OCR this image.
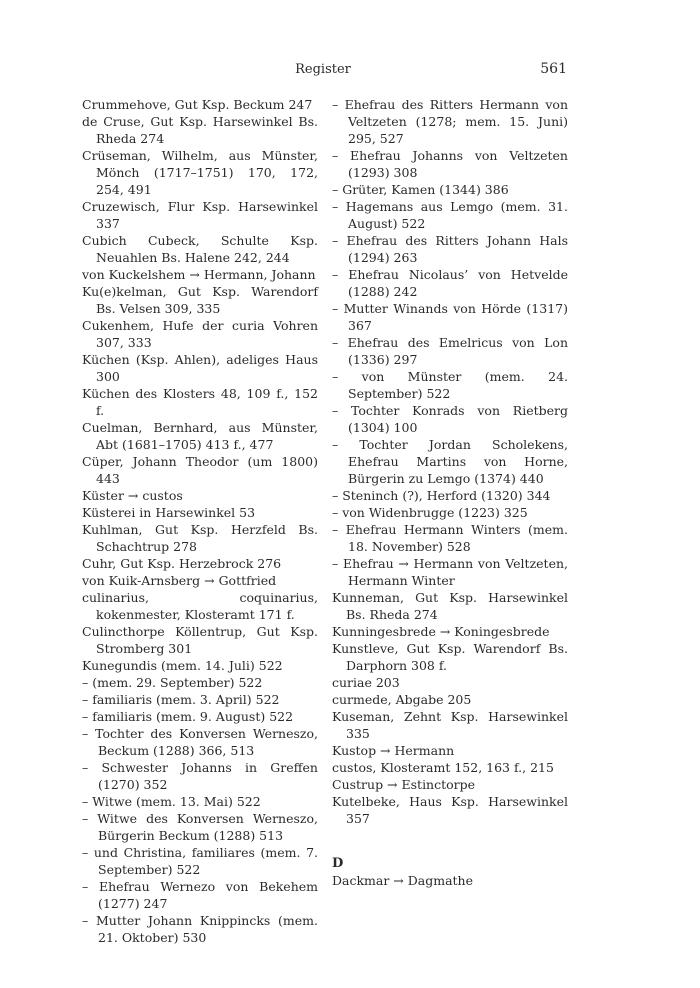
Register	561
Crummehove, Gut Ksp. Beckum 247
de Cruse, Gut Ksp. Harsewinkel Bs. Rheda 274
Crüseman, Wilhelm, aus Münster, Mönch (1717–1751) 170, 172, 254, 491
Cruzewisch, Flur Ksp. Harsewinkel 337
Cubich Cubeck, Schulte Ksp. Neuahlen Bs. Halene 242, 244
von Kuckelshem → Hermann, Johann
Ku(e)kelman, Gut Ksp. Warendorf Bs. Velsen 309, 335
Cukenhem, Hufe der curia Vohren 307, 333
Küchen (Ksp. Ahlen), adeliges Haus 300
Küchen des Klosters 48, 109 f., 152 f.
Cuelman, Bernhard, aus Münster, Abt (1681–1705) 413 f., 477
Cüper, Johann Theodor (um 1800) 443
Küster → custos
Küsterei in Harsewinkel 53
Kuhlman, Gut Ksp. Herzfeld Bs. Schachtrup 278
Cuhr, Gut Ksp. Herzebrock 276
von Kuik-Arnsberg → Gottfried
culinarius, coquinarius, kokenmester, Klosteramt 171 f.
Culincthorpe Köllentrup, Gut Ksp. Stromberg 301
Kunegundis (mem. 14. Juli) 522
– (mem. 29. September) 522
– familiaris (mem. 3. April) 522
– familiaris (mem. 9. August) 522
– Tochter des Konversen Werneszo, Beckum (1288) 366, 513
– Schwester Johanns in Greffen (1270) 352
– Witwe (mem. 13. Mai) 522
– Witwe des Konversen Werneszo, Bürgerin Beckum (1288) 513
– und Christina, familiares (mem. 7. September) 522
– Ehefrau Wernezo von Bekehem (1277) 247
– Mutter Johann Knippincks (mem. 21. Oktober) 530
– Ehefrau des Ritters Hermann von Veltzeten (1278; mem. 15. Juni) 295, 527
– Ehefrau Johanns von Veltzeten (1293) 308
– Grüter, Kamen (1344) 386
– Hagemans aus Lemgo (mem. 31. August) 522
– Ehefrau des Ritters Johann Hals (1294) 263
– Ehefrau Nicolaus’ von Hetvelde (1288) 242
– Mutter Winands von Hörde (1317) 367
– Ehefrau des Emelricus von Lon (1336) 297
– von Münster (mem. 24. September) 522
– Tochter Konrads von Rietberg (1304) 100
– Tochter Jordan Scholekens, Ehefrau Martins von Horne, Bürgerin zu Lemgo (1374) 440
– Steninch (?), Herford (1320) 344
– von Widenbrugge (1223) 325
– Ehefrau Hermann Winters (mem. 18. November) 528
– Ehefrau → Hermann von Veltzeten, Hermann Winter
Kunneman, Gut Ksp. Harsewinkel Bs. Rheda 274
Kunningesbrede → Koningesbrede
Kunstleve, Gut Ksp. Warendorf Bs. Darphorn 308 f.
curiae 203
curmede, Abgabe 205
Kuseman, Zehnt Ksp. Harsewinkel 335
Kustop → Hermann
custos, Klosteramt 152, 163 f., 215
Custrup → Estinctorpe
Kutelbeke, Haus Ksp. Harsewinkel 357
D
Dackmar → Dagmathe
